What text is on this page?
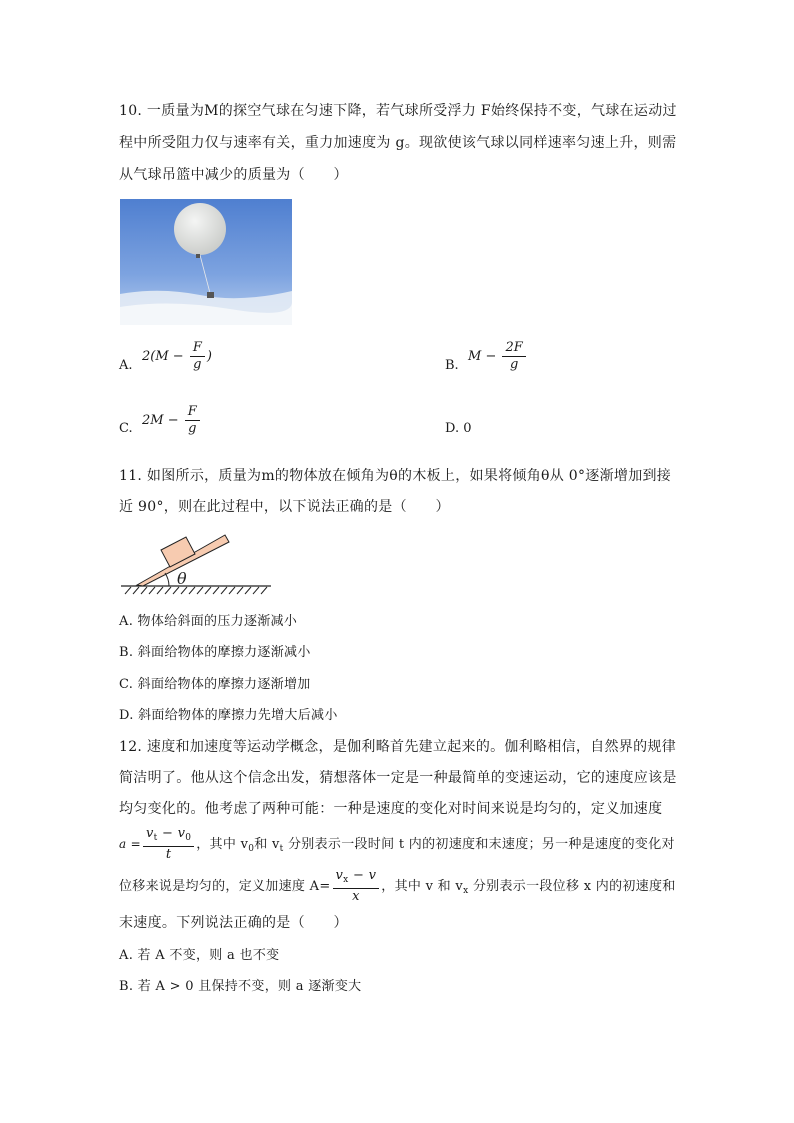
10. 一质量为M的探空气球在匀速下降，若气球所受浮力 F始终保持不变，气球在运动过
程中所受阻力仅与速率有关，重力加速度为 g。现欲使该气球以同样速率匀速上升，则需
从气球吊篮中减少的质量为（　　）
A.
$2(M - \frac{F}{g}$ )
B.
$M - \frac{2F}{g}$
C.
$2M - \frac{F}{g}$	D. 0
11. 如图所示，质量为m的物体放在倾角为θ的木板上，如果将倾角θ从 0°逐渐增加到接
近 90°，则在此过程中，以下说法正确的是（　　）
θ
A. 物体给斜面的压力逐渐减小
B. 斜面给物体的摩擦力逐渐减小
C. 斜面给物体的摩擦力逐渐增加
D. 斜面给物体的摩擦力先增大后减小
12. 速度和加速度等运动学概念，是伽利略首先建立起来的。伽利略相信，自然界的规律
简洁明了。他从这个信念出发，猜想落体一定是一种最简单的变速运动，它的速度应该是
均匀变化的。他考虑了两种可能：一种是速度的变化对时间来说是均匀的，定义加速度
$a = \frac{v_t - v_0}{t}$ ，其中 $v_0$和 $v_t$ 分别表示一段时间 t 内的初速度和末速度；另一种是速度的变化对
位移来说是均匀的，定义加速度 $A= \frac{v_x - v}{x}$ ，其中 v 和 $v_x$ 分别表示一段位移 x 内的初速度和
末速度。下列说法正确的是（　　）
A. 若 A 不变，则 a 也不变
B. 若 A > 0 且保持不变，则 a 逐渐变大
